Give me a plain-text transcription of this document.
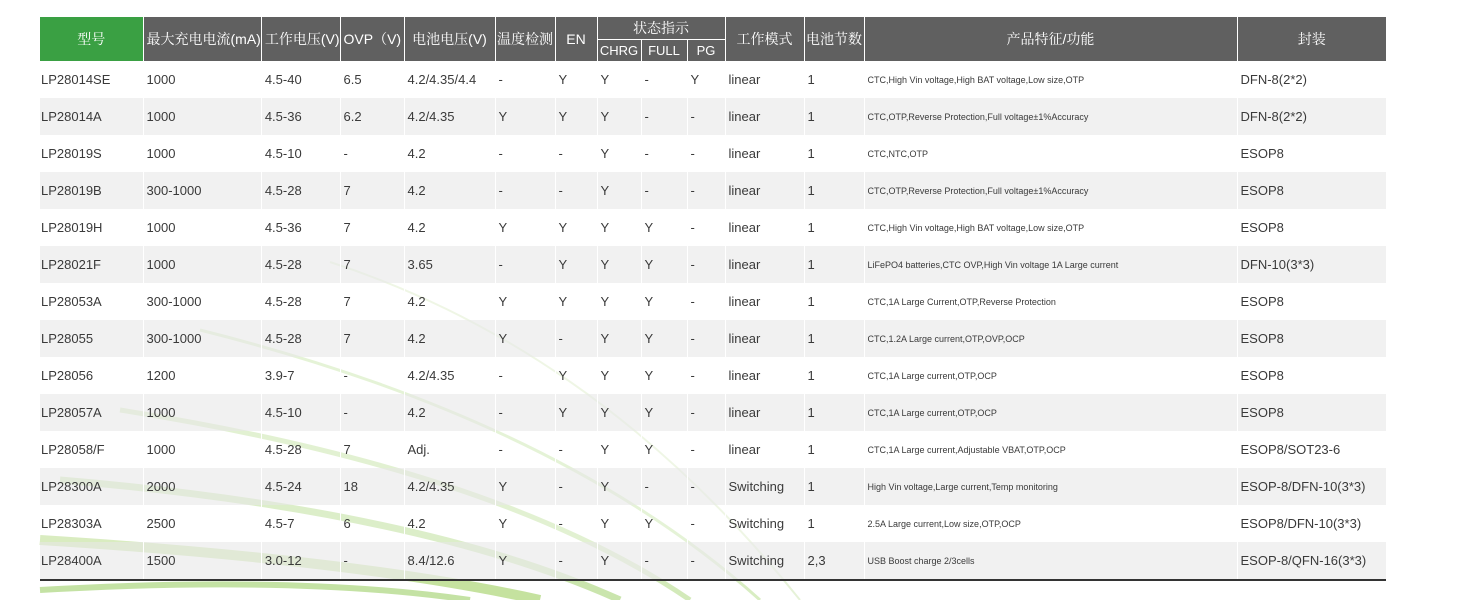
型号	最大充电电流(mA)	工作电压(V)	OVP（V)	电池电压(V)	温度检测	EN	状态指示			工作模式	电池节数	产品特征/功能	封装
							CHRG	FULL	PG				
LP28014SE	1000	4.5-40	6.5	4.2/4.35/4.4	-	Y	Y	-	Y	linear	1	CTC,High Vin voltage,High BAT voltage,Low size,OTP	DFN-8(2*2)
LP28014A	1000	4.5-36	6.2	4.2/4.35	Y	Y	Y	-	-	linear	1	CTC,OTP,Reverse Protection,Full voltage±1%Accuracy	DFN-8(2*2)
LP28019S	1000	4.5-10	-	4.2	-	-	Y	-	-	linear	1	CTC,NTC,OTP	ESOP8
LP28019B	300-1000	4.5-28	7	4.2	-	-	Y	-	-	linear	1	CTC,OTP,Reverse Protection,Full voltage±1%Accuracy	ESOP8
LP28019H	1000	4.5-36	7	4.2	Y	Y	Y	Y	-	linear	1	CTC,High Vin voltage,High BAT voltage,Low size,OTP	ESOP8
LP28021F	1000	4.5-28	7	3.65	-	Y	Y	Y	-	linear	1	LiFePO4 batteries,CTC OVP,High Vin voltage 1A Large current	DFN-10(3*3)
LP28053A	300-1000	4.5-28	7	4.2	Y	Y	Y	Y	-	linear	1	CTC,1A Large Current,OTP,Reverse Protection	ESOP8
LP28055	300-1000	4.5-28	7	4.2	Y	-	Y	Y	-	linear	1	CTC,1.2A Large current,OTP,OVP,OCP	ESOP8
LP28056	1200	3.9-7	-	4.2/4.35	-	Y	Y	Y	-	linear	1	CTC,1A Large current,OTP,OCP	ESOP8
LP28057A	1000	4.5-10	-	4.2	-	Y	Y	Y	-	linear	1	CTC,1A Large current,OTP,OCP	ESOP8
LP28058/F	1000	4.5-28	7	Adj.	-	-	Y	Y	-	linear	1	CTC,1A Large current,Adjustable VBAT,OTP,OCP	ESOP8/SOT23-6
LP28300A	2000	4.5-24	18	4.2/4.35	Y	-	Y	-	-	Switching	1	High Vin voltage,Large current,Temp monitoring	ESOP-8/DFN-10(3*3)
LP28303A	2500	4.5-7	6	4.2	Y	-	Y	Y	-	Switching	1	2.5A Large current,Low size,OTP,OCP	ESOP8/DFN-10(3*3)
LP28400A	1500	3.0-12	-	8.4/12.6	Y	-	Y	-	-	Switching	2,3	USB Boost charge 2/3cells	ESOP-8/QFN-16(3*3)
